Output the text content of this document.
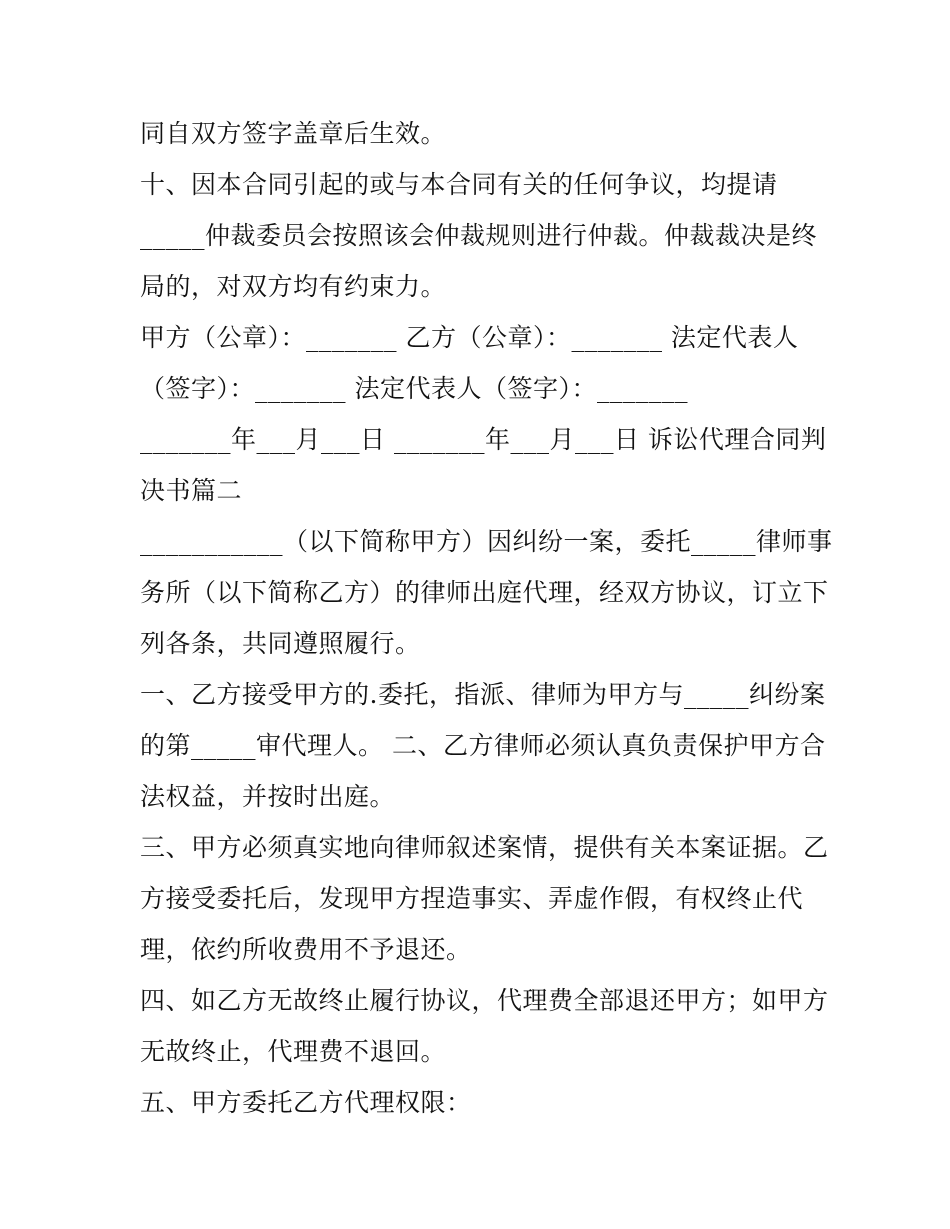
同自双方签字盖章后生效。
十、因本合同引起的或与本合同有关的任何争议，均提请
_____仲裁委员会按照该会仲裁规则进行仲裁。仲裁裁决是终
局的，对双方均有约束力。
甲方（公章）：_______ 乙方（公章）：_______ 法定代表人
（签字）：_______ 法定代表人（签字）：_______
_______年___月___日 _______年___月___日 诉讼代理合同判
决书篇二
___________（以下简称甲方）因纠纷一案，委托_____律师事
务所（以下简称乙方）的律师出庭代理，经双方协议，订立下
列各条，共同遵照履行。
一、乙方接受甲方的.委托，指派、律师为甲方与_____纠纷案
的第_____审代理人。 二、乙方律师必须认真负责保护甲方合
法权益，并按时出庭。
三、甲方必须真实地向律师叙述案情，提供有关本案证据。乙
方接受委托后，发现甲方捏造事实、弄虚作假，有权终止代
理，依约所收费用不予退还。
四、如乙方无故终止履行协议，代理费全部退还甲方；如甲方
无故终止，代理费不退回。
五、甲方委托乙方代理权限：
